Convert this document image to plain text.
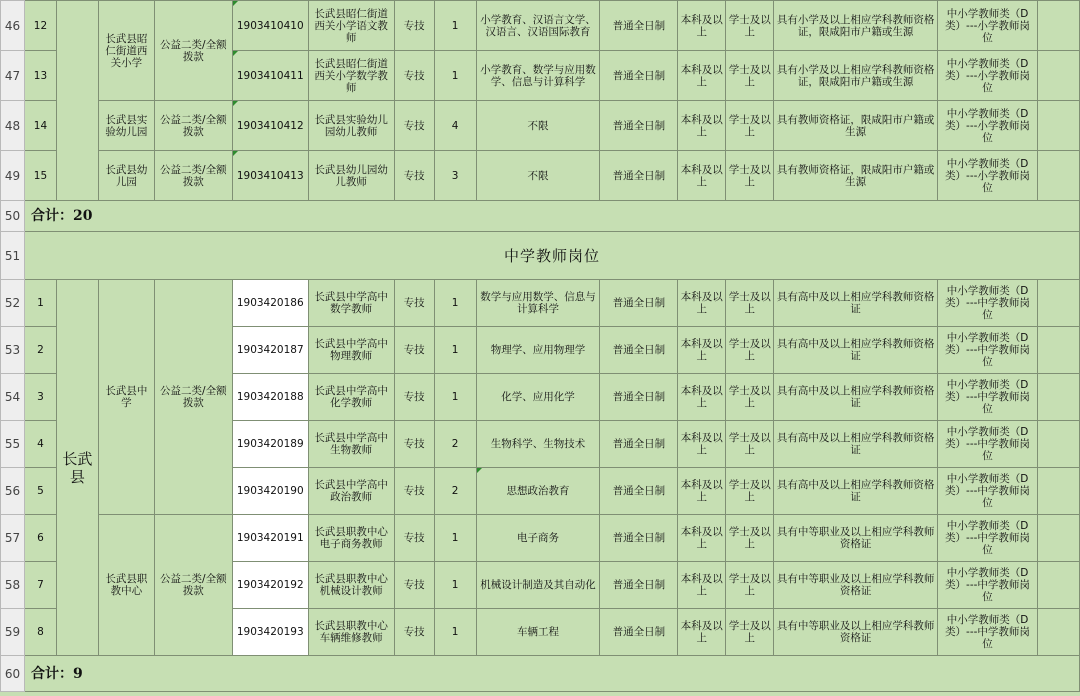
46	12		长武县昭仁街道西关小学	公益二类/全额拨款	1903410410	长武县昭仁街道西关小学语文教师	专技	1	小学教育、汉语言文学、汉语言、汉语国际教育	普通全日制	本科及以上	学士及以上	具有小学及以上相应学科教师资格证，限咸阳市户籍或生源	中小学教师类（D类）---小学教师岗位	
47	13				1903410411	长武县昭仁街道西关小学数学教师	专技	1	小学教育、数学与应用数学、信息与计算科学	普通全日制	本科及以上	学士及以上	具有小学及以上相应学科教师资格证，限咸阳市户籍或生源	中小学教师类（D类）---小学教师岗位	
48	14		长武县实验幼儿园	公益二类/全额拨款	1903410412	长武县实验幼儿园幼儿教师	专技	4	不限	普通全日制	本科及以上	学士及以上	具有教师资格证，限咸阳市户籍或生源	中小学教师类（D类）---小学教师岗位	
49	15		长武县幼儿园	公益二类/全额拨款	1903410413	长武县幼儿园幼儿教师	专技	3	不限	普通全日制	本科及以上	学士及以上	具有教师资格证，限咸阳市户籍或生源	中小学教师类（D类）---小学教师岗位	
50	合计：20														
51	中学教师岗位														
52	1	长武县	长武县中学	公益二类/全额拨款	1903420186	长武县中学高中数学教师	专技	1	数学与应用数学、信息与计算科学	普通全日制	本科及以上	学士及以上	具有高中及以上相应学科教师资格证	中小学教师类（D类）---中学教师岗位	
53	2				1903420187	长武县中学高中物理教师	专技	1	物理学、应用物理学	普通全日制	本科及以上	学士及以上	具有高中及以上相应学科教师资格证	中小学教师类（D类）---中学教师岗位	
54	3				1903420188	长武县中学高中化学教师	专技	1	化学、应用化学	普通全日制	本科及以上	学士及以上	具有高中及以上相应学科教师资格证	中小学教师类（D类）---中学教师岗位	
55	4				1903420189	长武县中学高中生物教师	专技	2	生物科学、生物技术	普通全日制	本科及以上	学士及以上	具有高中及以上相应学科教师资格证	中小学教师类（D类）---中学教师岗位	
56	5				1903420190	长武县中学高中政治教师	专技	2	思想政治教育	普通全日制	本科及以上	学士及以上	具有高中及以上相应学科教师资格证	中小学教师类（D类）---中学教师岗位	
57	6		长武县职教中心	公益二类/全额拨款	1903420191	长武县职教中心电子商务教师	专技	1	电子商务	普通全日制	本科及以上	学士及以上	具有中等职业及以上相应学科教师资格证	中小学教师类（D类）---中学教师岗位	
58	7				1903420192	长武县职教中心机械设计教师	专技	1	机械设计制造及其自动化	普通全日制	本科及以上	学士及以上	具有中等职业及以上相应学科教师资格证	中小学教师类（D类）---中学教师岗位	
59	8				1903420193	长武县职教中心车辆维修教师	专技	1	车辆工程	普通全日制	本科及以上	学士及以上	具有中等职业及以上相应学科教师资格证	中小学教师类（D类）---中学教师岗位	
60	合计：9														
